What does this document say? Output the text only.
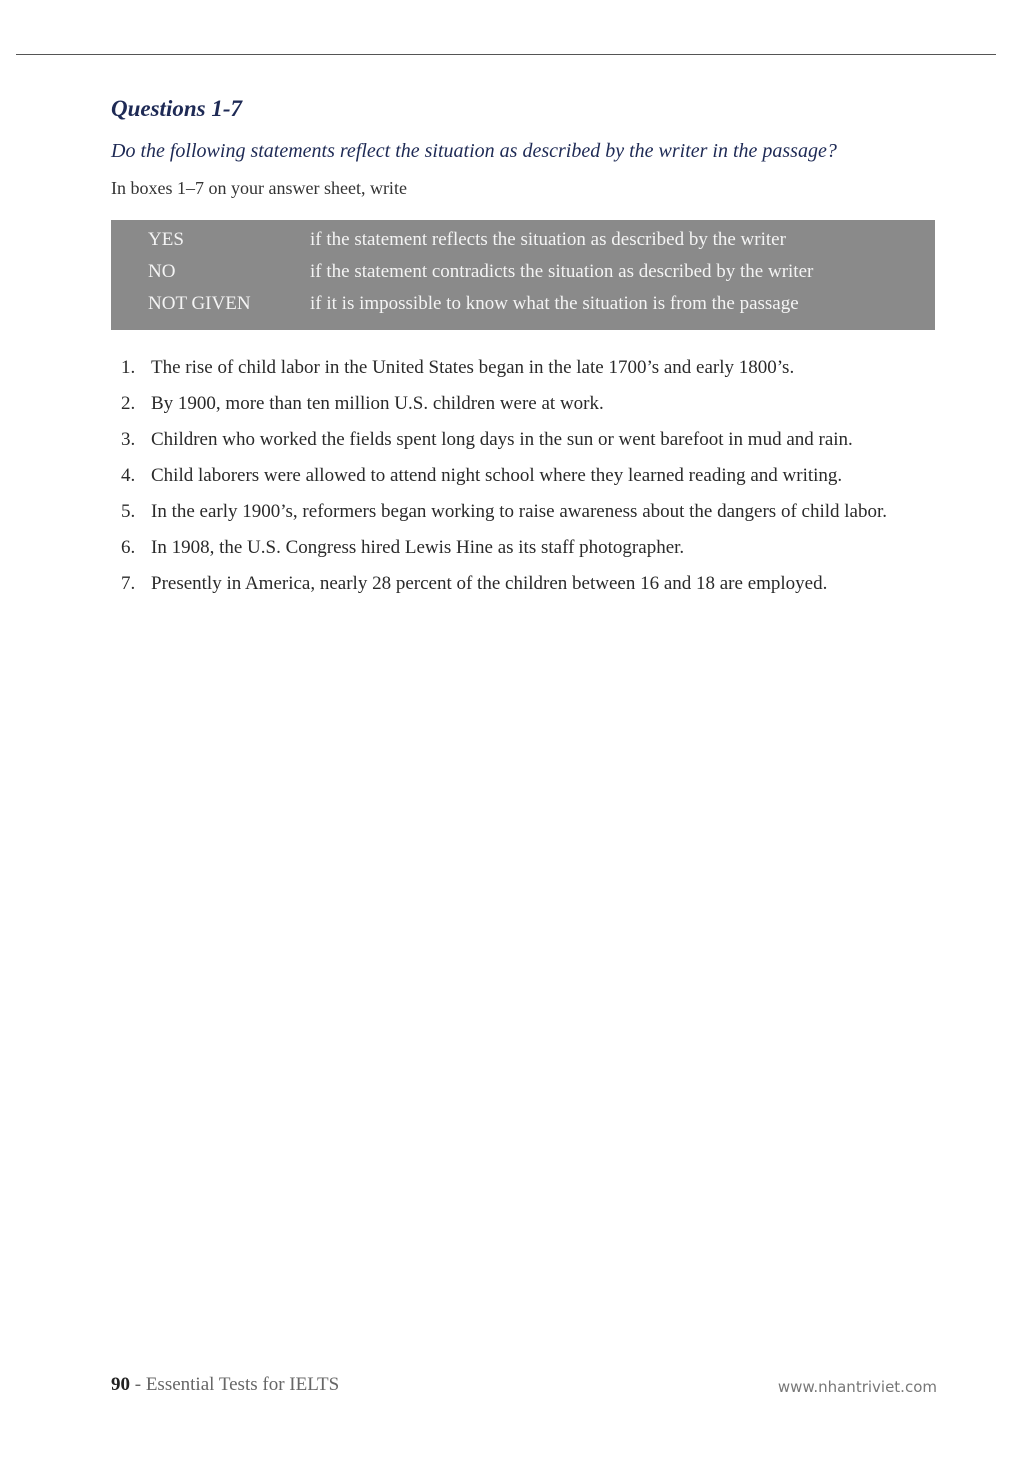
Questions 1-7
Do the following statements reflect the situation as described by the writer in the passage?
In boxes 1–7 on your answer sheet, write
YES	if the statement reflects the situation as described by the writer
NO	if the statement contradicts the situation as described by the writer
NOT GIVEN	if it is impossible to know what the situation is from the passage
1. The rise of child labor in the United States began in the late 1700’s and early 1800’s.
2. By 1900, more than ten million U.S. children were at work.
3. Children who worked the fields spent long days in the sun or went barefoot in mud and rain.
4. Child laborers were allowed to attend night school where they learned reading and writing.
5. In the early 1900’s, reformers began working to raise awareness about the dangers of child labor.
6. In 1908, the U.S. Congress hired Lewis Hine as its staff photographer.
7. Presently in America, nearly 28 percent of the children between 16 and 18 are employed.
90 - Essential Tests for IELTS	www.nhantriviet.com
